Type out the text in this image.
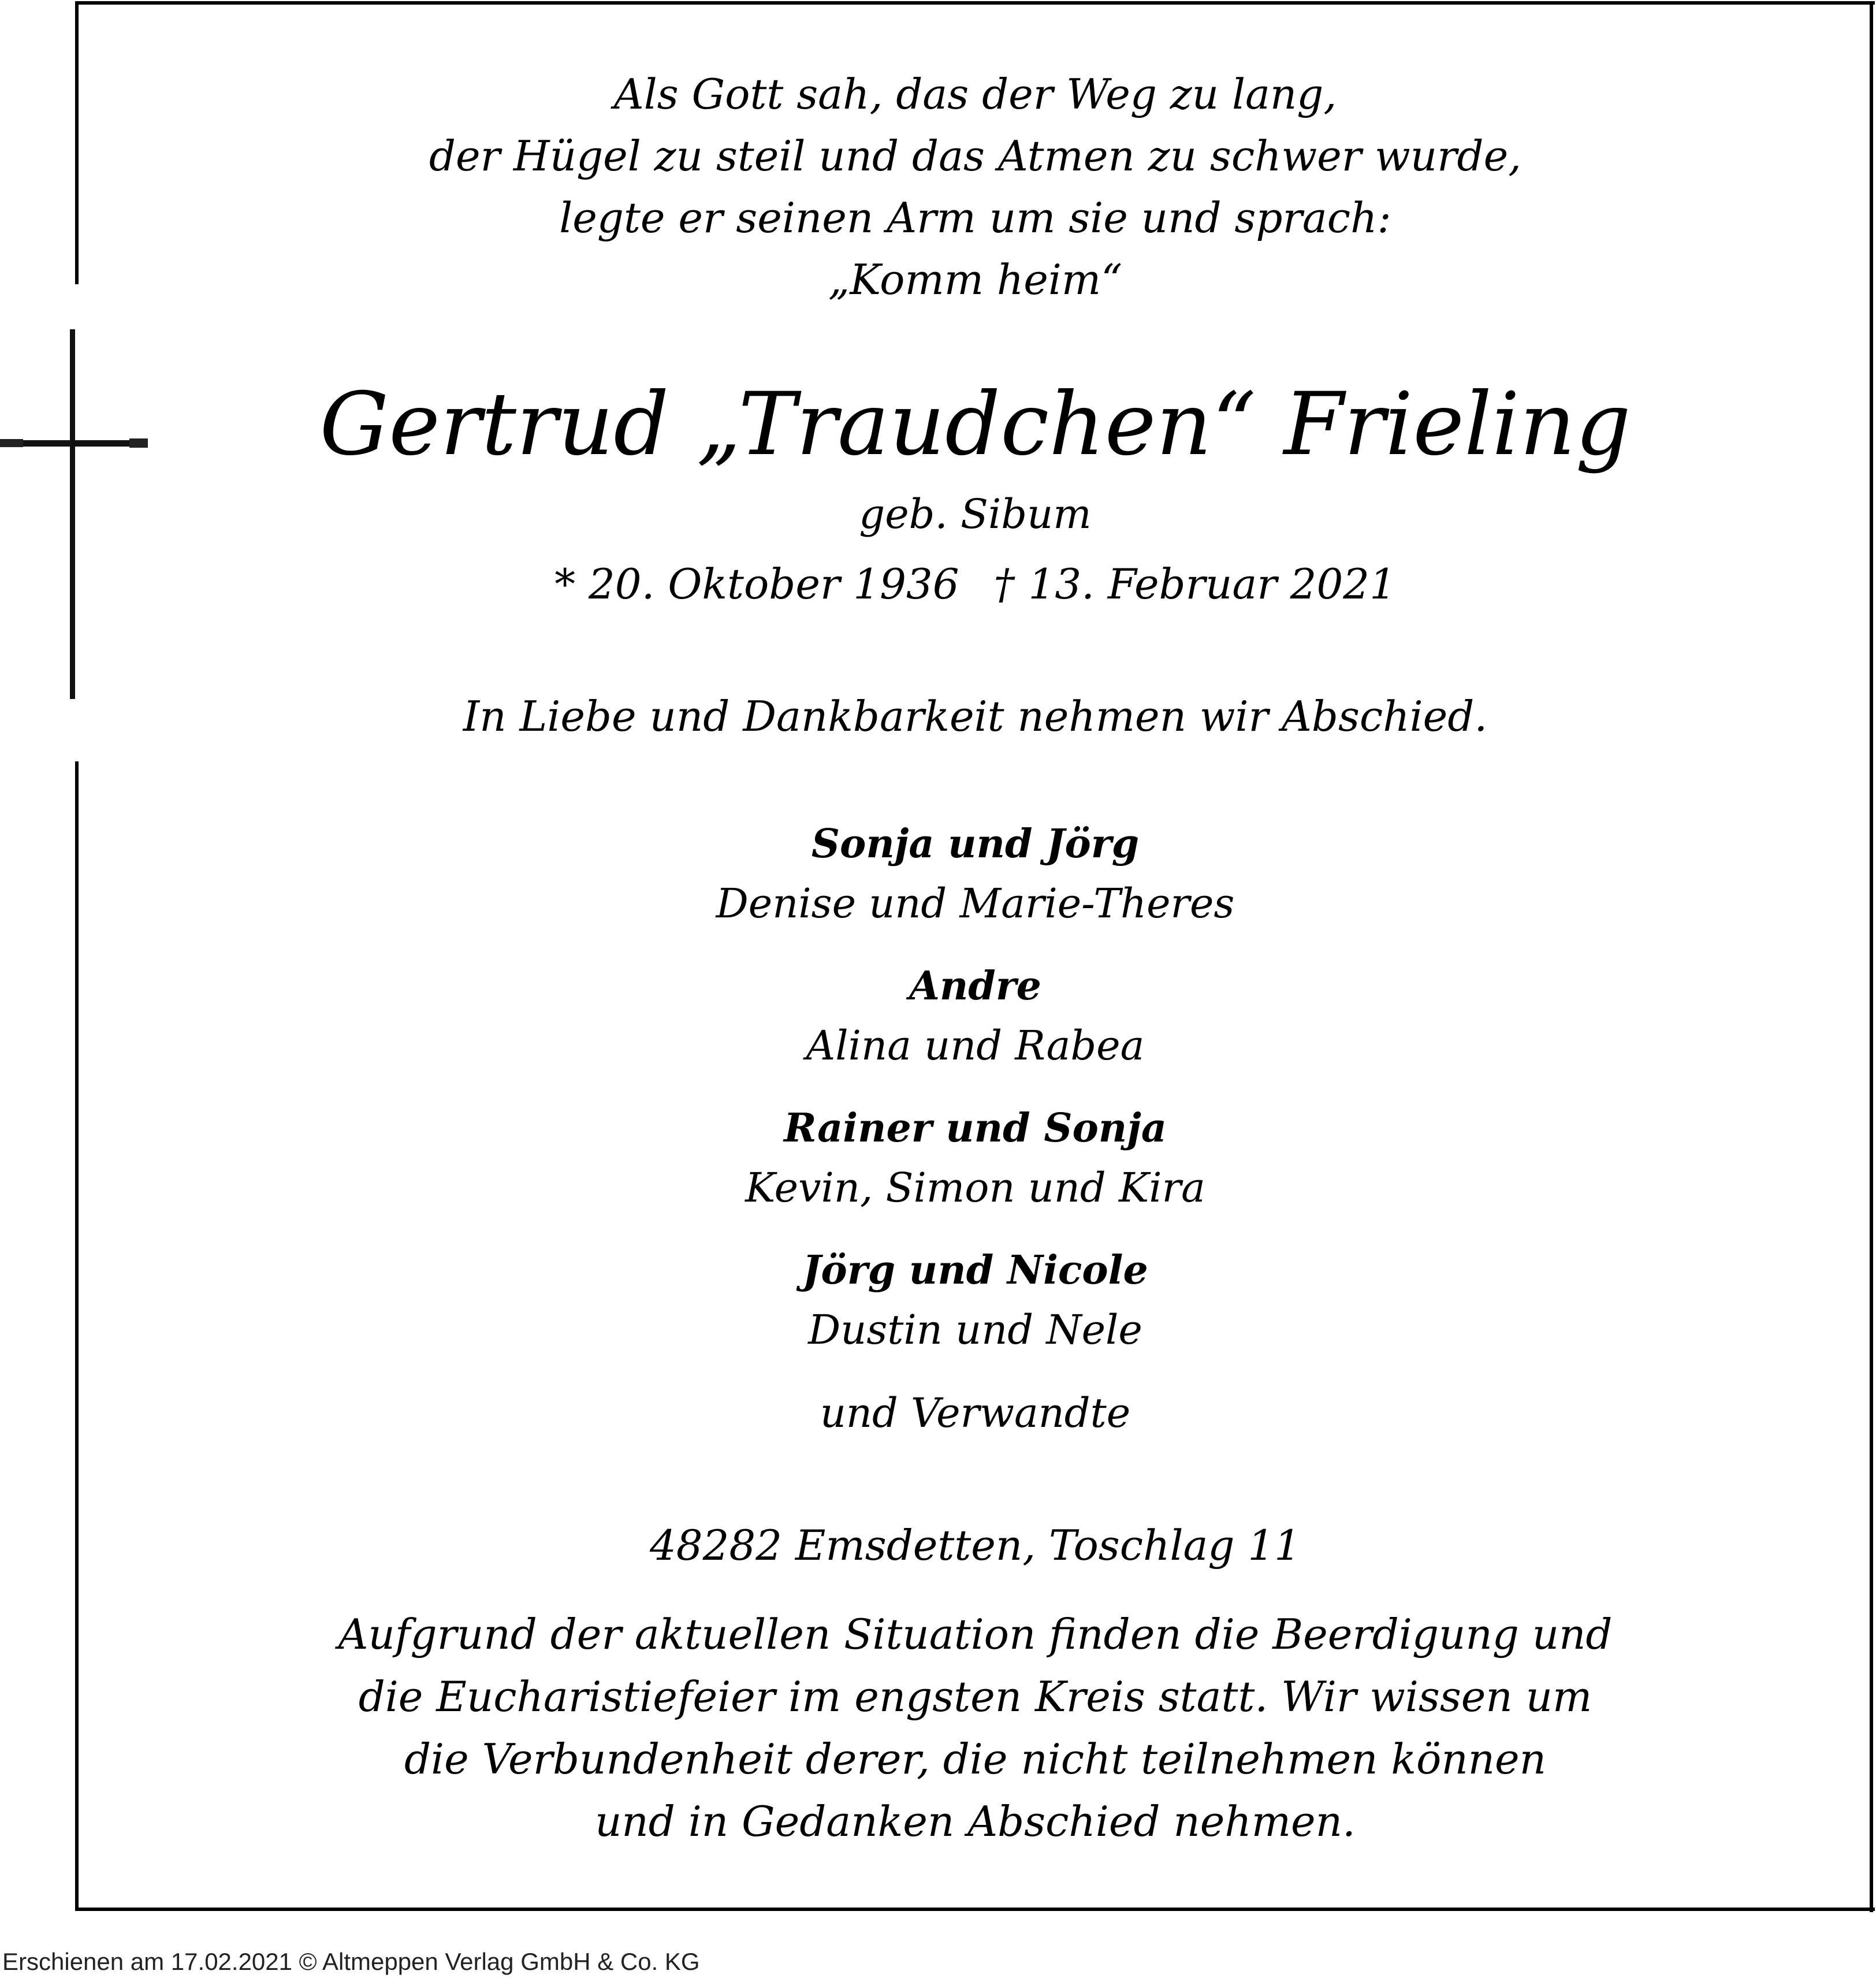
Als Gott sah, das der Weg zu lang,
der Hügel zu steil und das Atmen zu schwer wurde,
legte er seinen Arm um sie und sprach:
„Komm heim“
Gertrud „Traudchen“ Frieling
geb. Sibum
* 20. Oktober 1936 † 13. Februar 2021
In Liebe und Dankbarkeit nehmen wir Abschied.
Sonja und Jörg
Denise und Marie-Theres
Andre
Alina und Rabea
Rainer und Sonja
Kevin, Simon und Kira
Jörg und Nicole
Dustin und Nele
und Verwandte
48282 Emsdetten, Toschlag 11
Aufgrund der aktuellen Situation finden die Beerdigung und
die Eucharistiefeier im engsten Kreis statt. Wir wissen um
die Verbundenheit derer, die nicht teilnehmen können
und in Gedanken Abschied nehmen.
Erschienen am 17.02.2021 © Altmeppen Verlag GmbH & Co. KG
